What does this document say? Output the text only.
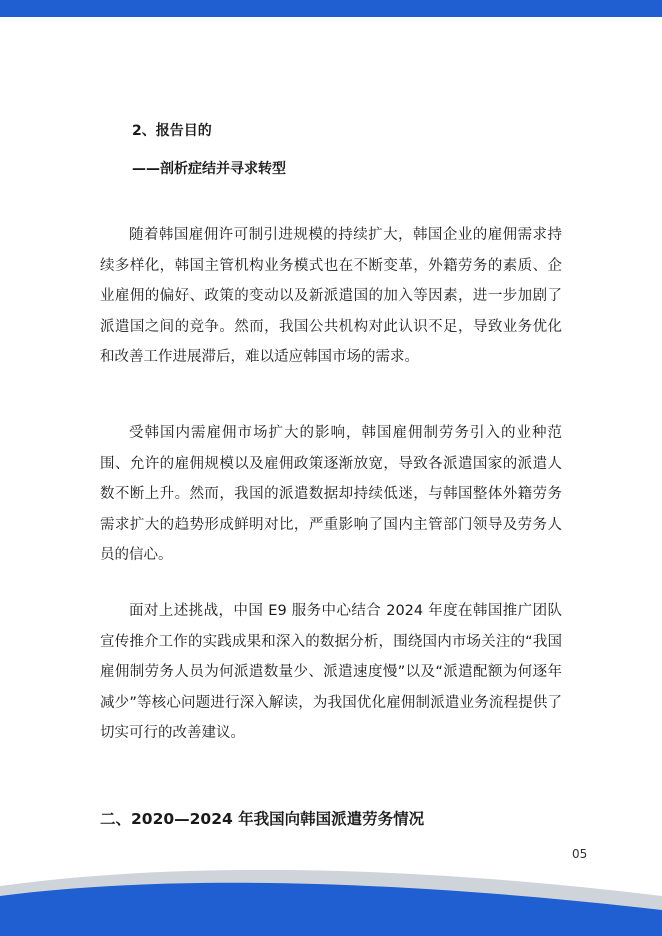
2、报告目的
——剖析症结并寻求转型

随着韩国雇佣许可制引进规模的持续扩大，韩国企业的雇佣需求持续多样化，韩国主管机构业务模式也在不断变革，外籍劳务的素质、企业雇佣的偏好、政策的变动以及新派遣国的加入等因素，进一步加剧了派遣国之间的竞争。然而，我国公共机构对此认识不足，导致业务优化和改善工作进展滞后，难以适应韩国市场的需求。

受韩国内需雇佣市场扩大的影响，韩国雇佣制劳务引入的业种范围、允许的雇佣规模以及雇佣政策逐渐放宽，导致各派遣国家的派遣人数不断上升。然而，我国的派遣数据却持续低迷，与韩国整体外籍劳务需求扩大的趋势形成鲜明对比，严重影响了国内主管部门领导及劳务人员的信心。

面对上述挑战，中国 E9 服务中心结合 2024 年度在韩国推广团队宣传推介工作的实践成果和深入的数据分析，围绕国内市场关注的“我国雇佣制劳务人员为何派遣数量少、派遣速度慢”以及“派遣配额为何逐年减少”等核心问题进行深入解读，为我国优化雇佣制派遣业务流程提供了切实可行的改善建议。

二、2020—2024 年我国向韩国派遣劳务情况
05
